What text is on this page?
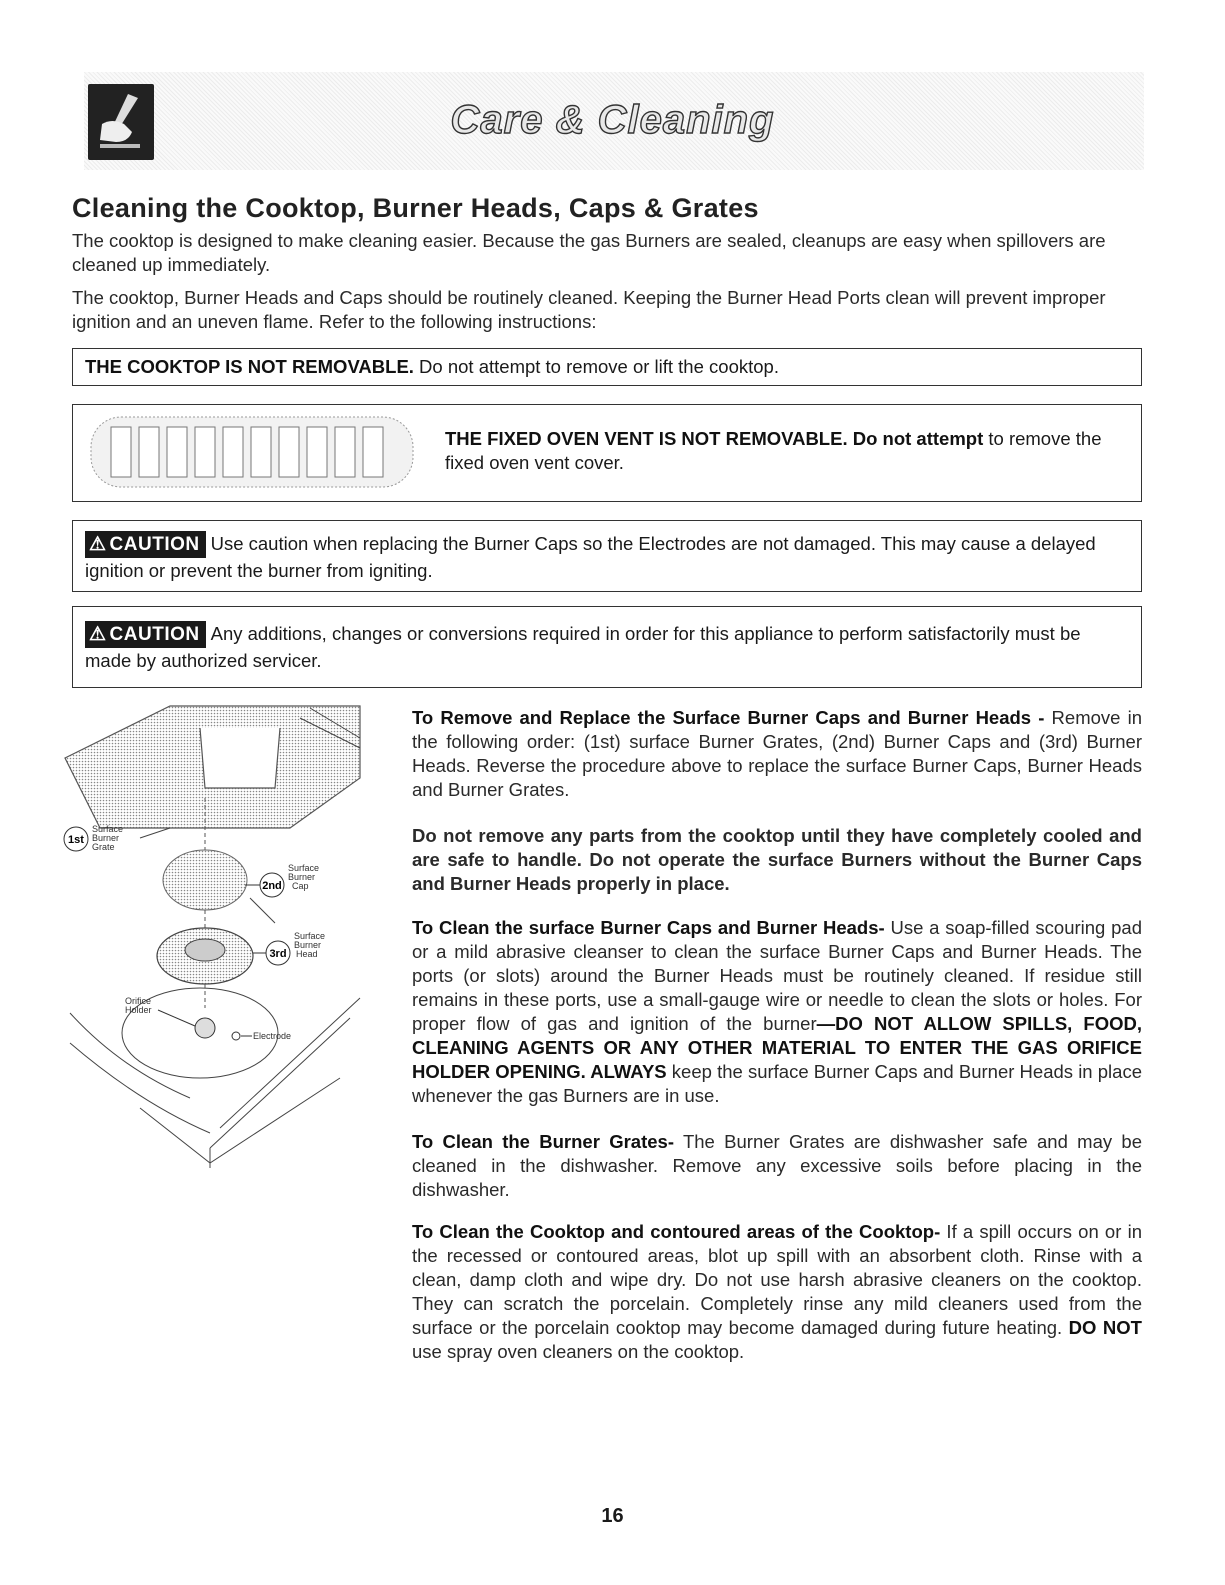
Care & Cleaning
Cleaning the Cooktop, Burner Heads, Caps & Grates

The cooktop is designed to make cleaning easier. Because the gas Burners are sealed, cleanups are easy when spillovers are cleaned up immediately.

The cooktop, Burner Heads and Caps should be routinely cleaned. Keeping the Burner Head Ports clean will prevent improper ignition and an uneven flame. Refer to the following instructions:

THE COOKTOP IS NOT REMOVABLE. Do not attempt to remove or lift the cooktop.
THE FIXED OVEN VENT IS NOT REMOVABLE. Do not attempt to remove the fixed oven vent cover.
⚠ CAUTION Use caution when replacing the Burner Caps so the Electrodes are not damaged. This may cause a delayed ignition or prevent the burner from igniting.
⚠ CAUTION Any additions, changes or conversions required in order for this appliance to perform satisfactorily must be made by authorized servicer.
1st
Surface
Burner
Grate
2nd
Surface
Burner
Cap
3rd
Surface
Burner
Head
Orifice
Holder
Electrode

To Remove and Replace the Surface Burner Caps and Burner Heads - Remove in the following order: (1st) surface Burner Grates, (2nd) Burner Caps and (3rd) Burner Heads. Reverse the procedure above to replace the surface Burner Caps, Burner Heads and Burner Grates.

Do not remove any parts from the cooktop until they have completely cooled and are safe to handle. Do not operate the surface Burners without the Burner Caps and Burner Heads properly in place.

To Clean the surface Burner Caps and Burner Heads- Use a soap-filled scouring pad or a mild abrasive cleanser to clean the surface Burner Caps and Burner Heads. The ports (or slots) around the Burner Heads must be routinely cleaned. If residue still remains in these ports, use a small-gauge wire or needle to clean the slots or holes. For proper flow of gas and ignition of the burner—DO NOT ALLOW SPILLS, FOOD, CLEANING AGENTS OR ANY OTHER MATERIAL TO ENTER THE GAS ORIFICE HOLDER OPENING. ALWAYS keep the surface Burner Caps and Burner Heads in place whenever the gas Burners are in use.

To Clean the Burner Grates- The Burner Grates are dishwasher safe and may be cleaned in the dishwasher. Remove any excessive soils before placing in the dishwasher.

To Clean the Cooktop and contoured areas of the Cooktop- If a spill occurs on or in the recessed or contoured areas, blot up spill with an absorbent cloth. Rinse with a clean, damp cloth and wipe dry. Do not use harsh abrasive cleaners on the cooktop. They can scratch the porcelain. Completely rinse any mild cleaners used from the surface or the porcelain cooktop may become damaged during future heating. DO NOT use spray oven cleaners on the cooktop.

16
